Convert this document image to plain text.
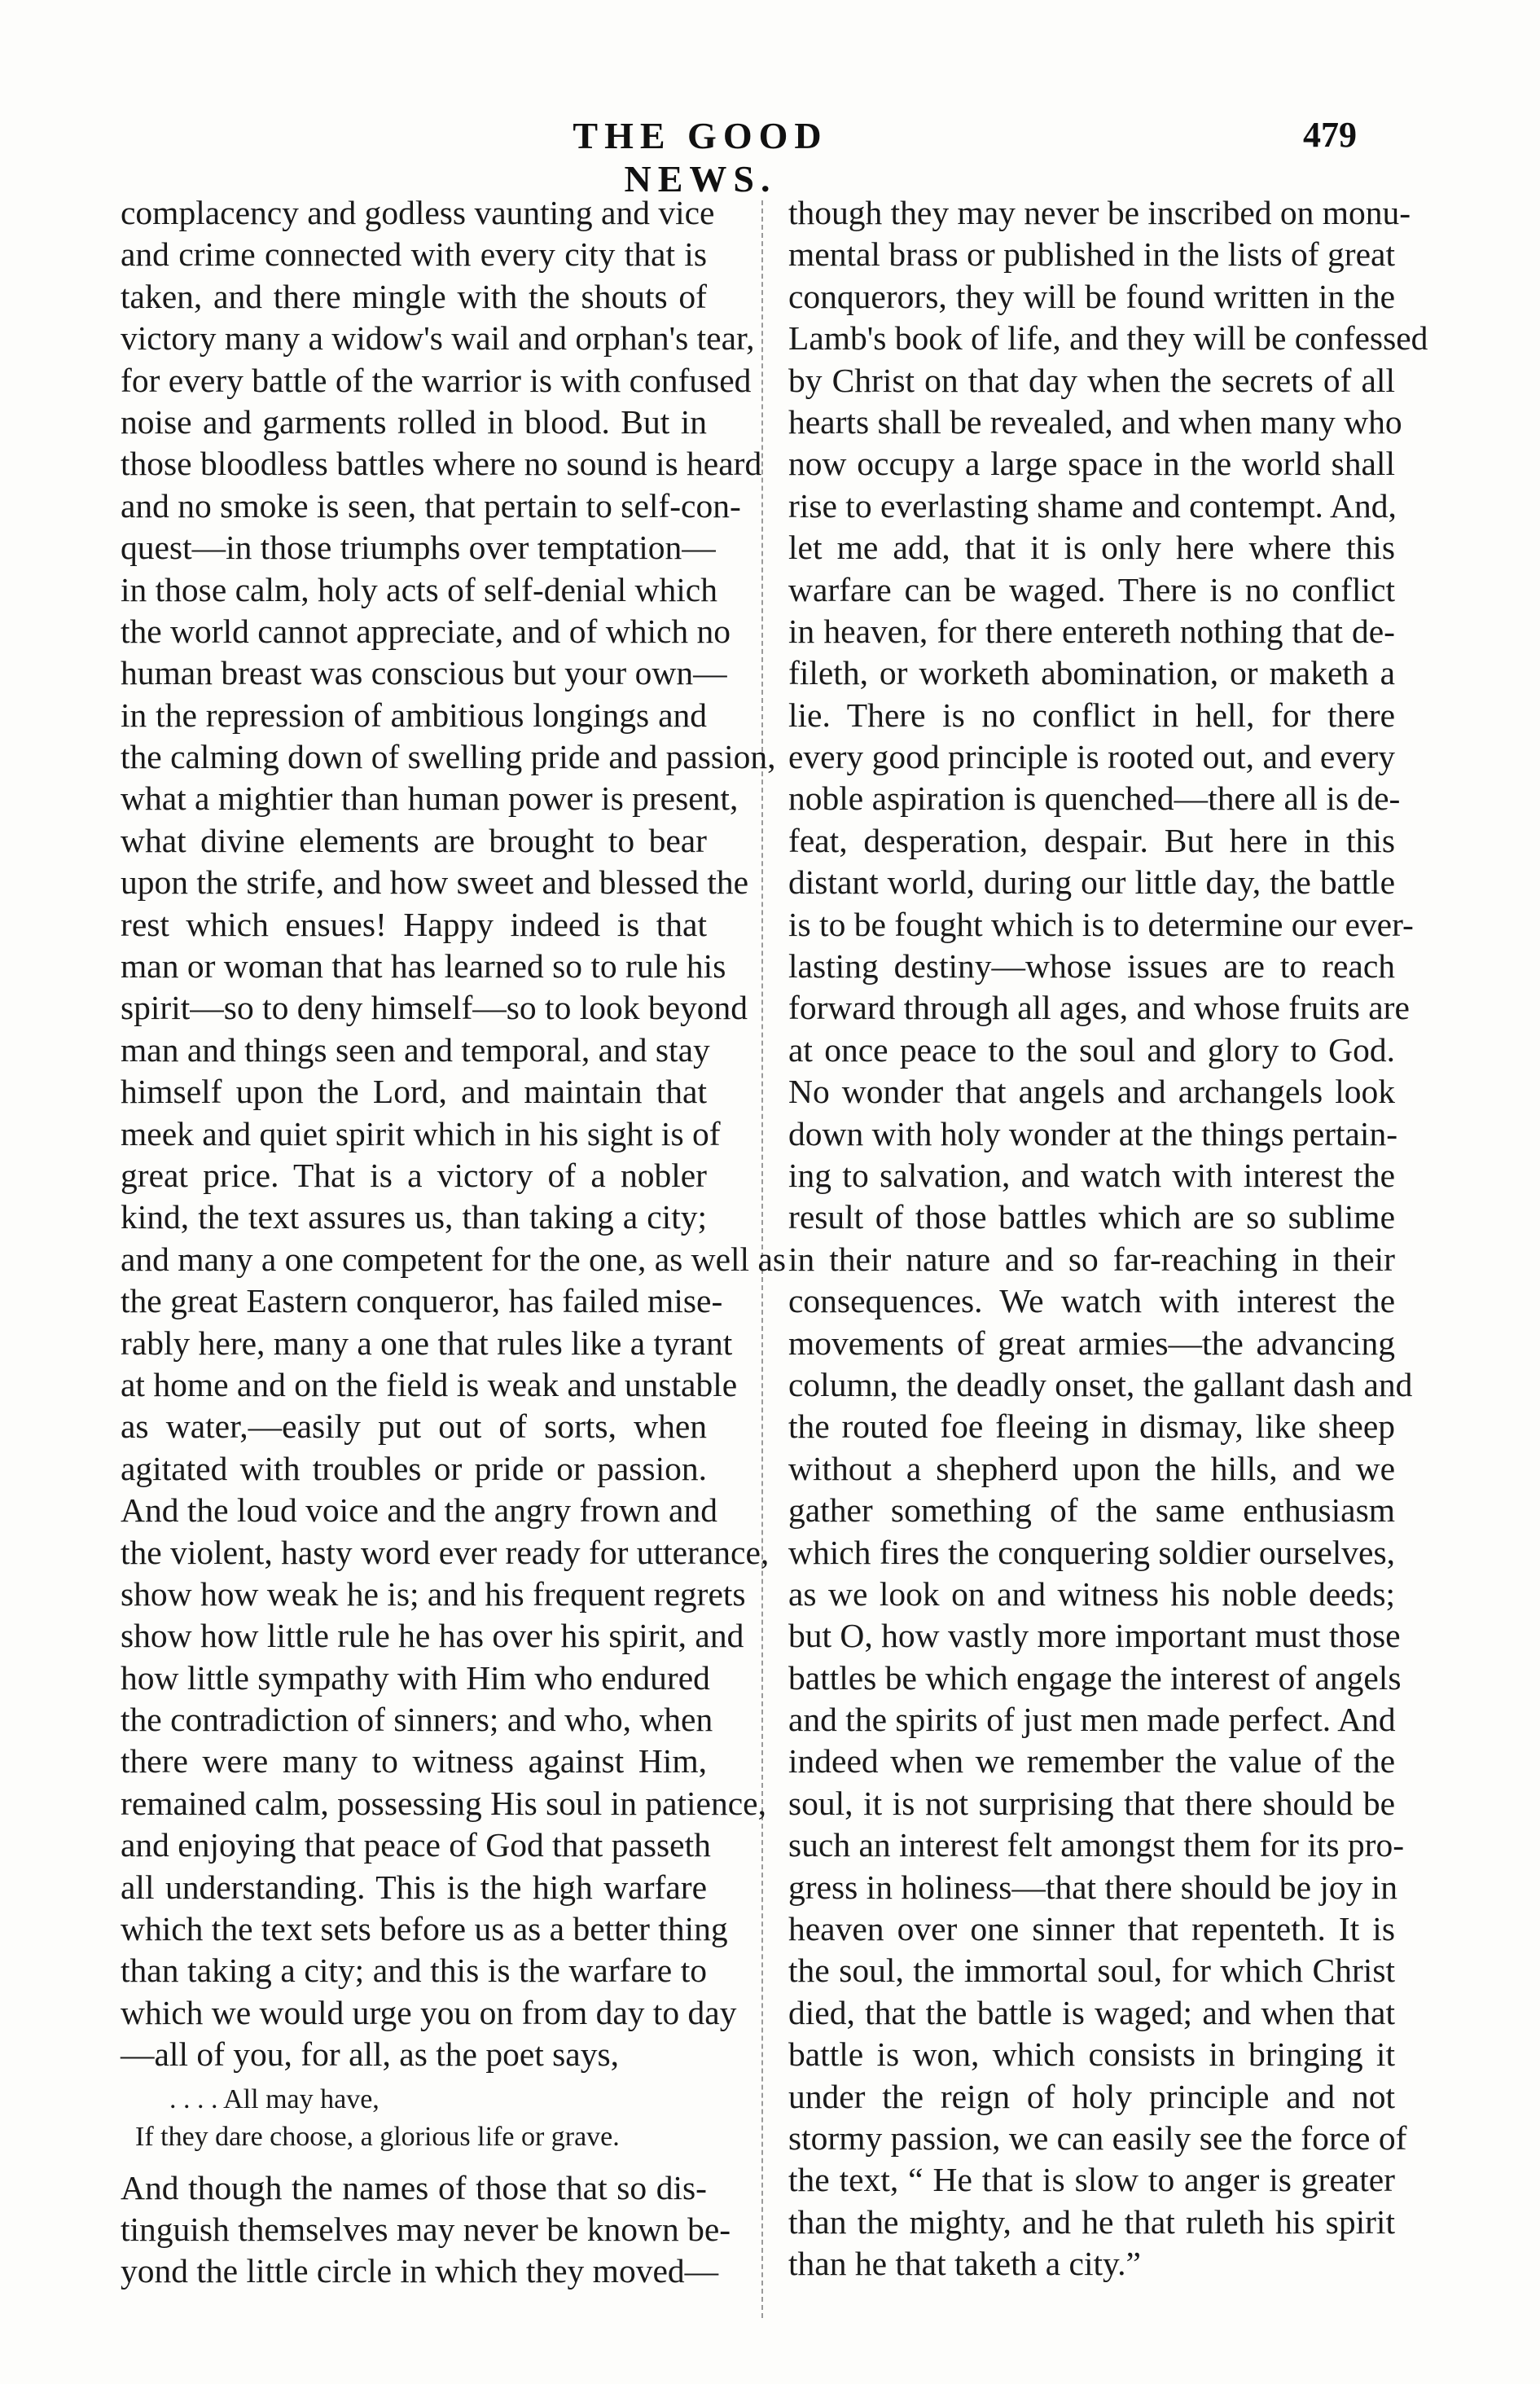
THE GOOD NEWS.
479
complacency and godless vaunting and vice
and crime connected with every city that is
taken, and there mingle with the shouts of
victory many a widow's wail and orphan's tear,
for every battle of the warrior is with confused
noise and garments rolled in blood. But in
those bloodless battles where no sound is heard
and no smoke is seen, that pertain to self-con-
quest—in those triumphs over temptation—
in those calm, holy acts of self-denial which
the world cannot appreciate, and of which no
human breast was conscious but your own—
in the repression of ambitious longings and
the calming down of swelling pride and passion,
what a mightier than human power is present,
what divine elements are brought to bear
upon the strife, and how sweet and blessed the
rest which ensues! Happy indeed is that
man or woman that has learned so to rule his
spirit—so to deny himself—so to look beyond
man and things seen and temporal, and stay
himself upon the Lord, and maintain that
meek and quiet spirit which in his sight is of
great price. That is a victory of a nobler
kind, the text assures us, than taking a city;
and many a one competent for the one, as well as
the great Eastern conqueror, has failed mise-
rably here, many a one that rules like a tyrant
at home and on the field is weak and unstable
as water,—easily put out of sorts, when
agitated with troubles or pride or passion.
And the loud voice and the angry frown and
the violent, hasty word ever ready for utterance,
show how weak he is; and his frequent regrets
show how little rule he has over his spirit, and
how little sympathy with Him who endured
the contradiction of sinners; and who, when
there were many to witness against Him,
remained calm, possessing His soul in patience,
and enjoying that peace of God that passeth
all understanding. This is the high warfare
which the text sets before us as a better thing
than taking a city; and this is the warfare to
which we would urge you on from day to day
—all of you, for all, as the poet says,
. . . . All may have,
If they dare choose, a glorious life or grave.
And though the names of those that so dis-
tinguish themselves may never be known be-
yond the little circle in which they moved—
though they may never be inscribed on monu-
mental brass or published in the lists of great
conquerors, they will be found written in the
Lamb's book of life, and they will be confessed
by Christ on that day when the secrets of all
hearts shall be revealed, and when many who
now occupy a large space in the world shall
rise to everlasting shame and contempt. And,
let me add, that it is only here where this
warfare can be waged. There is no conflict
in heaven, for there entereth nothing that de-
fileth, or worketh abomination, or maketh a
lie. There is no conflict in hell, for there
every good principle is rooted out, and every
noble aspiration is quenched—there all is de-
feat, desperation, despair. But here in this
distant world, during our little day, the battle
is to be fought which is to determine our ever-
lasting destiny—whose issues are to reach
forward through all ages, and whose fruits are
at once peace to the soul and glory to God.
No wonder that angels and archangels look
down with holy wonder at the things pertain-
ing to salvation, and watch with interest the
result of those battles which are so sublime
in their nature and so far-reaching in their
consequences. We watch with interest the
movements of great armies—the advancing
column, the deadly onset, the gallant dash and
the routed foe fleeing in dismay, like sheep
without a shepherd upon the hills, and we
gather something of the same enthusiasm
which fires the conquering soldier ourselves,
as we look on and witness his noble deeds;
but O, how vastly more important must those
battles be which engage the interest of angels
and the spirits of just men made perfect. And
indeed when we remember the value of the
soul, it is not surprising that there should be
such an interest felt amongst them for its pro-
gress in holiness—that there should be joy in
heaven over one sinner that repenteth. It is
the soul, the immortal soul, for which Christ
died, that the battle is waged; and when that
battle is won, which consists in bringing it
under the reign of holy principle and not
stormy passion, we can easily see the force of
the text, “ He that is slow to anger is greater
than the mighty, and he that ruleth his spirit
than he that taketh a city.”
